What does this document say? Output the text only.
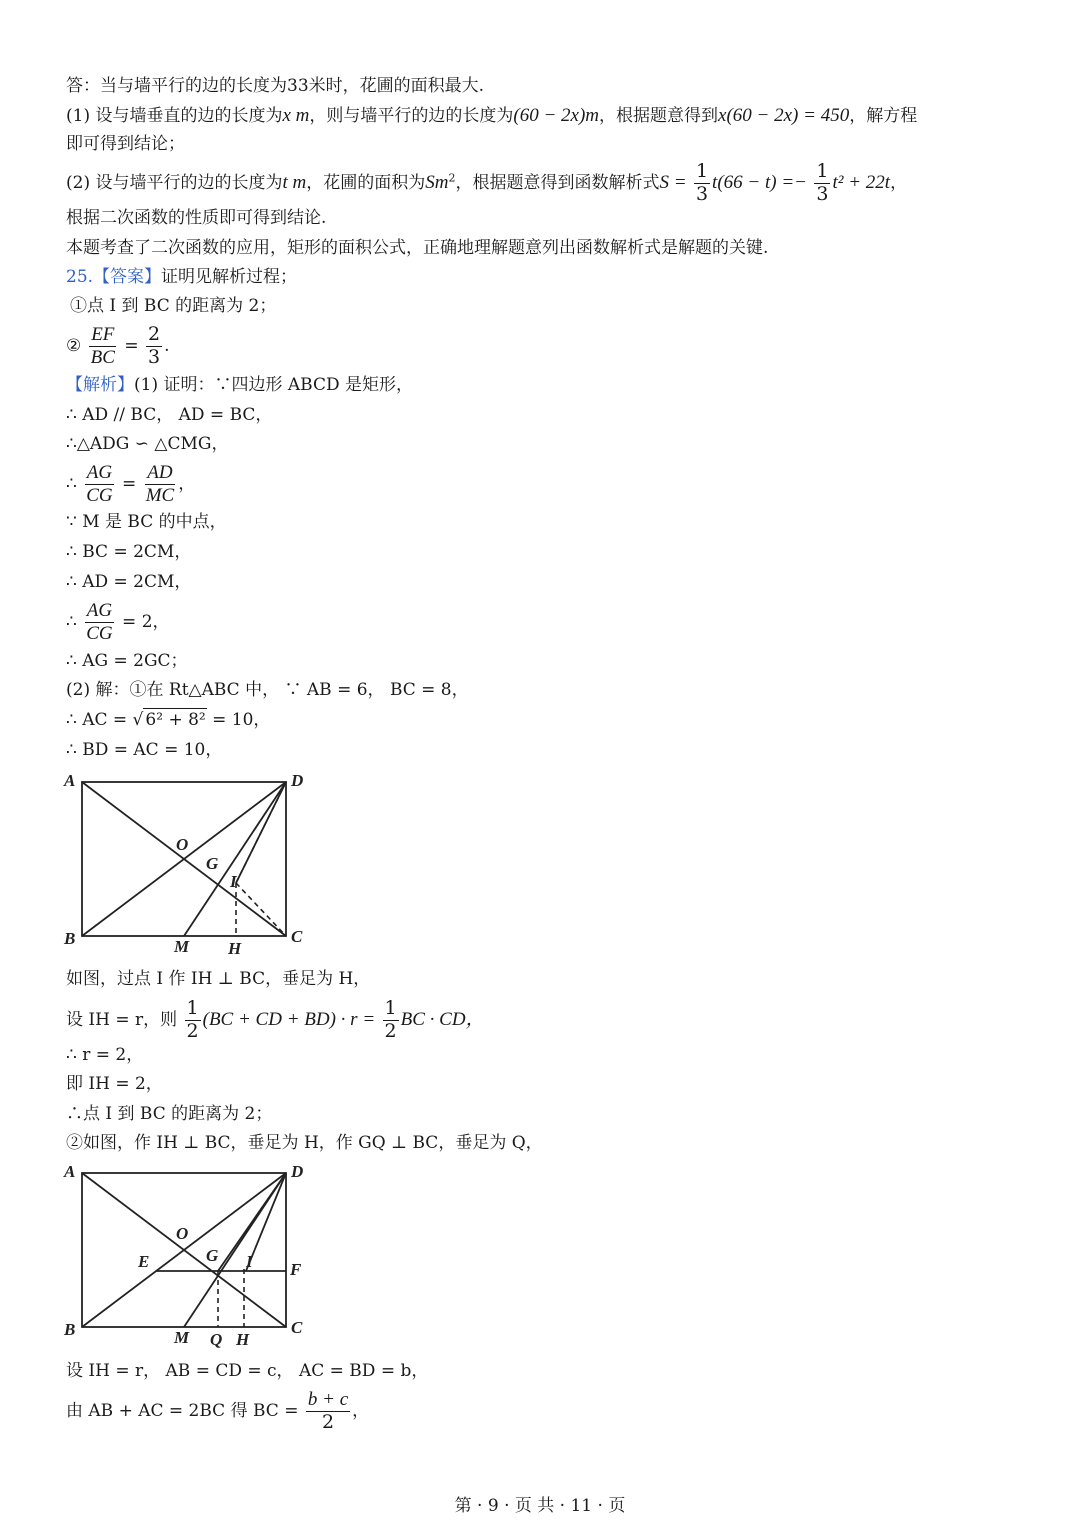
答：当与墙平行的边的长度为33米时，花圃的面积最大.
(1) 设与墙垂直的边的长度为x m，则与墙平行的边的长度为(60 − 2x)m，根据题意得到x(60 − 2x) = 450，解方程
即可得到结论；
(2) 设与墙平行的边的长度为t m，花圃的面积为Sm$^2$，根据题意得到函数解析式$S = \frac{1}{3} t(66 - t) =- \frac{1}{3} t^2 + 22t$，
根据二次函数的性质即可得到结论.
本题考查了二次函数的应用，矩形的面积公式，正确地理解题意列出函数解析式是解题的关键.
25.【答案】证明见解析过程；
①点 I 到 BC 的距离为 2；
② $\frac{EF}{BC} = \frac{2}{3}$ .
【解析】(1) 证明：∵四边形 ABCD 是矩形，
∴ AD // BC， AD = BC，
∴△ADG ∽ △CMG，
∴ $\frac{AG}{CG} = \frac{AD}{MC}$ ，
∵ M 是 BC 的中点，
∴ BC = 2CM，
∴ AD = 2CM，
∴ $\frac{AG}{CG} = 2$，
∴ AG = 2GC；
(2) 解：①在 Rt△ABC 中， ∵ AB = 6， BC = 8，
∴ AC = √ 6² + 8² = 10，
∴ BD = AC = 10，
A	D
O
G
I
B	M H
C
如图，过点 I 作 IH ⊥ BC，垂足为 H，
设 IH = r，则 $\frac{1}{2} (BC$ + CD + $BD) \cdot r = \frac{1}{2}$ BC · CD，
∴ r = 2，
即 IH = 2，
∴点 I 到 BC 的距离为 2；
②如图，作 IH ⊥ BC，垂足为 H，作 GQ ⊥ BC，垂足为 Q，
A	D
O
E	G I F
B	M Q H
C
设 IH = r， AB = CD = c， AC = BD = b，
由 AB + AC = 2BC 得 BC = $\frac{b + c}{2}$ ，
第 · 9 · 页 共 · 11 · 页
